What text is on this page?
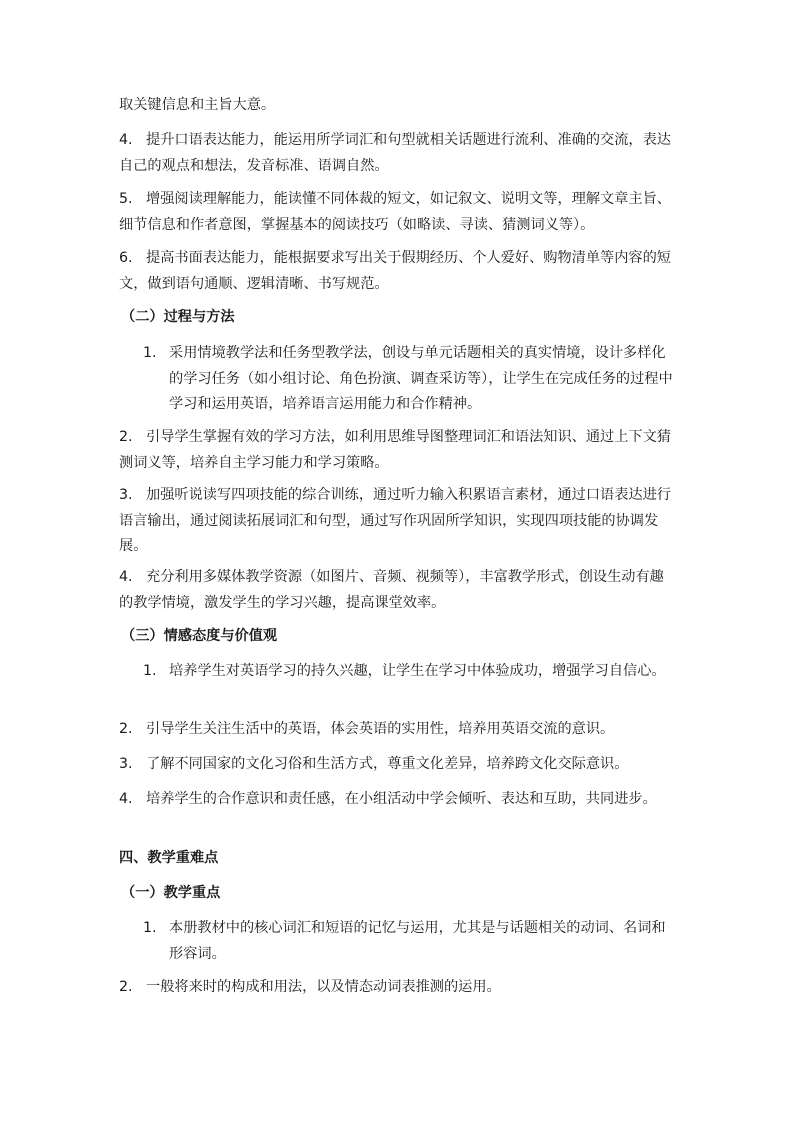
取关键信息和主旨大意。

4. 提升口语表达能力，能运用所学词汇和句型就相关话题进行流利、准确的交流，表达自己的观点和想法，发音标准、语调自然。

5. 增强阅读理解能力，能读懂不同体裁的短文，如记叙文、说明文等，理解文章主旨、细节信息和作者意图，掌握基本的阅读技巧（如略读、寻读、猜测词义等）。

6. 提高书面表达能力，能根据要求写出关于假期经历、个人爱好、购物清单等内容的短文，做到语句通顺、逻辑清晰、书写规范。

（二）过程与方法

1. 采用情境教学法和任务型教学法，创设与单元话题相关的真实情境，设计多样化的学习任务（如小组讨论、角色扮演、调查采访等），让学生在完成任务的过程中学习和运用英语，培养语言运用能力和合作精神。

2. 引导学生掌握有效的学习方法，如利用思维导图整理词汇和语法知识、通过上下文猜测词义等，培养自主学习能力和学习策略。

3. 加强听说读写四项技能的综合训练，通过听力输入积累语言素材，通过口语表达进行语言输出，通过阅读拓展词汇和句型，通过写作巩固所学知识，实现四项技能的协调发展。

4. 充分利用多媒体教学资源（如图片、音频、视频等），丰富教学形式，创设生动有趣的教学情境，激发学生的学习兴趣，提高课堂效率。

（三）情感态度与价值观

1. 培养学生对英语学习的持久兴趣，让学生在学习中体验成功，增强学习自信心。

2. 引导学生关注生活中的英语，体会英语的实用性，培养用英语交流的意识。

3. 了解不同国家的文化习俗和生活方式，尊重文化差异，培养跨文化交际意识。

4. 培养学生的合作意识和责任感，在小组活动中学会倾听、表达和互助，共同进步。

四、教学重难点

（一）教学重点

1. 本册教材中的核心词汇和短语的记忆与运用，尤其是与话题相关的动词、名词和形容词。

2. 一般将来时的构成和用法，以及情态动词表推测的运用。
